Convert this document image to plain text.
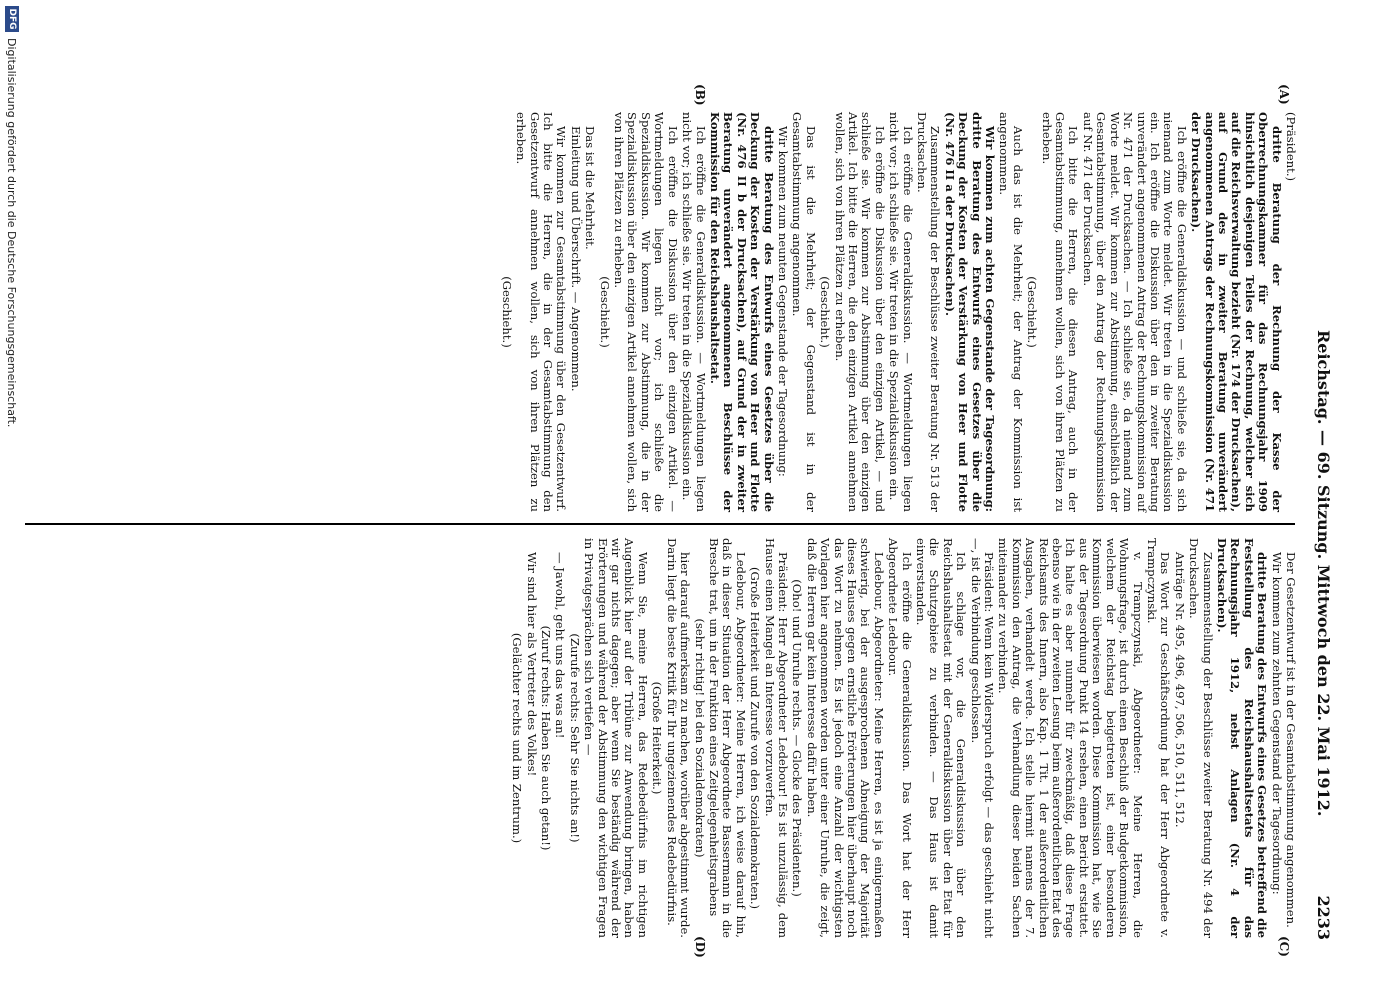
Reichstag. — 69. Sitzung. Mittwoch den 22. Mai 1912.
2233
(A)
(B)
(C)
(D)

(Präsident.)

dritte Beratung der Rechnung der Kasse der Oberrechnungskammer für das Rechnungsjahr 1909 hinsichtlich desjenigen Teiles der Rechnung, welcher sich auf die Reichsverwaltung bezieht (Nr. 174 der Drucksachen), auf Grund des in zweiter Beratung unverändert angenommenen Antrags der Rechnungskommission (Nr. 471 der Drucksachen).

Ich eröffne die Generaldiskussion — und schließe sie, da sich niemand zum Worte meldet. Wir treten in die Spezialdiskussion ein. Ich eröffne die Diskussion über den in zweiter Beratung unverändert angenommenen Antrag der Rechnungskommission auf Nr. 471 der Drucksachen. — Ich schließe sie, da niemand zum Worte meldet. Wir kommen zur Abstimmung, einschließlich der Gesamtabstimmung, über den Antrag der Rechnungskommission auf Nr. 471 der Drucksachen.

Ich bitte die Herren, die diesen Antrag, auch in der Gesamtabstimmung, annehmen wollen, sich von ihren Plätzen zu erheben.

(Geschieht.)

Auch das ist die Mehrheit; der Antrag der Kommission ist angenommen.

Wir kommen zum achten Gegenstande der Tagesordnung: dritte Beratung des Entwurfs eines Gesetzes über die Deckung der Kosten der Verstärkung von Heer und Flotte (Nr. 476 II a der Drucksachen).

Zusammenstellung der Beschlüsse zweiter Beratung Nr. 513 der Drucksachen.

Ich eröffne die Generaldiskussion. — Wortmeldungen liegen nicht vor; ich schließe sie. Wir treten in die Spezialdiskussion ein.

Ich eröffne die Diskussion über den einzigen Artikel, — und schließe sie. Wir kommen zur Abstimmung über den einzigen Artikel. Ich bitte die Herren, die den einzigen Artikel annehmen wollen, sich von ihren Plätzen zu erheben.

(Geschieht.)

Das ist die Mehrheit; der Gegenstand ist in der Gesamtabstimmung angenommen.

Wir kommen zum neunten Gegenstande der Tagesordnung:

dritte Beratung des Entwurfs eines Gesetzes über die Deckung der Kosten der Verstärkung von Heer und Flotte (Nr. 476 II b der Drucksachen), auf Grund der in zweiter Beratung unverändert angenommenen Beschlüsse der Kommission für den Reichshaushaltsetat.

Ich eröffne die Generaldiskussion. — Wortmeldungen liegen nicht vor; ich schließe sie. Wir treten in die Spezialdiskussion ein.

Ich eröffne die Diskussion über den einzigen Artikel. — Wortmeldungen liegen nicht vor; ich schließe die Spezialdiskussion. Wir kommen zur Abstimmung, die in der Spezialdiskussion über den einzigen Artikel annehmen wollen, sich von ihren Plätzen zu erheben.

(Geschieht.)

Das ist die Mehrheit.

Einleitung und Überschrift. — Angenommen.

Wir kommen zur Gesamtabstimmung über den Gesetzentwurf. Ich bitte die Herren, die in der Gesamtabstimmung den Gesetzentwurf annehmen wollen, sich von ihren Plätzen zu erheben.

(Geschieht.)

Der Gesetzentwurf ist in der Gesamtabstimmung angenommen.

Wir kommen zum zehnten Gegenstand der Tagesordnung:

dritte Beratung des Entwurfs eines Gesetzes betreffend die Feststellung des Reichshaushaltsetats für das Rechnungsjahr 1912, nebst Anlagen (Nr. 4 der Drucksachen).

Zusammenstellung der Beschlüsse zweiter Beratung Nr. 494 der Drucksachen.

Anträge Nr. 495, 496, 497, 506, 510, 511, 512.

Das Wort zur Geschäftsordnung hat der Herr Abgeordnete v. Trampczynski.

v. Trampczynski, Abgeordneter: Meine Herren, die Wohnungsfrage, ist durch einen Beschluß der Budgetkommission, welchem der Reichstag beigetreten ist, einer besonderen Kommission überwiesen worden. Diese Kommission hat, wie Sie aus der Tagesordnung Punkt 14 ersehen, einen Bericht erstattet. Ich halte es aber nunmehr für zweckmäßig, daß diese Frage ebenso wie in der zweiten Lesung beim außerordentlichen Etat des Reichsamts des Innern, also Kap. 1 Tit. 1 der außerordentlichen Ausgaben, verhandelt werde. Ich stelle hiermit namens der 7. Kommission den Antrag, die Verhandlung dieser beiden Sachen miteinander zu verbinden.

Präsident: Wenn kein Widerspruch erfolgt — das geschieht nicht —, ist die Verbindung geschlossen.

Ich schlage vor, die Generaldiskussion über den Reichshaushaltsetat mit der Generaldiskussion über den Etat für die Schutzgebiete zu verbinden. — Das Haus ist damit einverstanden.

Ich eröffne die Generaldiskussion. Das Wort hat der Herr Abgeordnete Ledebour.

Ledebour, Abgeordneter: Meine Herren, es ist ja einigermaßen schwierig, bei der ausgesprochenen Abneigung der Majorität dieses Hauses gegen ernstliche Erörterungen hier überhaupt noch das Wort zu nehmen. Es ist jedoch eine Anzahl der wichtigsten Vorlagen hier angenommen worden unter einer Unruhe, die zeigt, daß die Herren gar kein Interesse dafür haben.

(Oho! und Unruhe rechts. — Glocke des Präsidenten.)

Präsident: Herr Abgeordneter Ledebour! Es ist unzulässig, dem Hause einen Mangel an Interesse vorzuwerfen.

(Große Heiterkeit und Zurufe von den Sozialdemokraten.)

Ledebour, Abgeordneter: Meine Herren, ich weise darauf hin, daß in dieser Situation der Herr Abgeordnete Bassermann in die Bresche trat, um in der Funktion eines Zeitgelegenheitsgrabens

(sehr richtig! bei den Sozialdemokraten)

hier darauf aufmerksam zu machen, worüber abgestimmt wurde. Darin liegt die beste Kritik für Ihr ungeziemendes Redebedürfnis.

(Große Heiterkeit.)

Wenn Sie, meine Herren, das Redebedürfnis im richtigen Augenblick hier auf der Tribüne zur Anwendung bringen, haben wir gar nichts dagegen; aber wenn Sie beständig während der Erörterungen und während der Abstimmung den wichtigen Fragen in Privatgesprächen sich vertiefen —

(Zurufe rechts: Sehr Sie nichts an!)

— Jawohl, geht uns das was an!

(Zuruf rechts: Haben Sie auch getan!)

Wir sind hier als Vertreter des Volkes!

(Gelächter rechts und im Zentrum.)

DFG
Digitalisierung gefördert durch die Deutsche Forschungsgemeinschaft.
